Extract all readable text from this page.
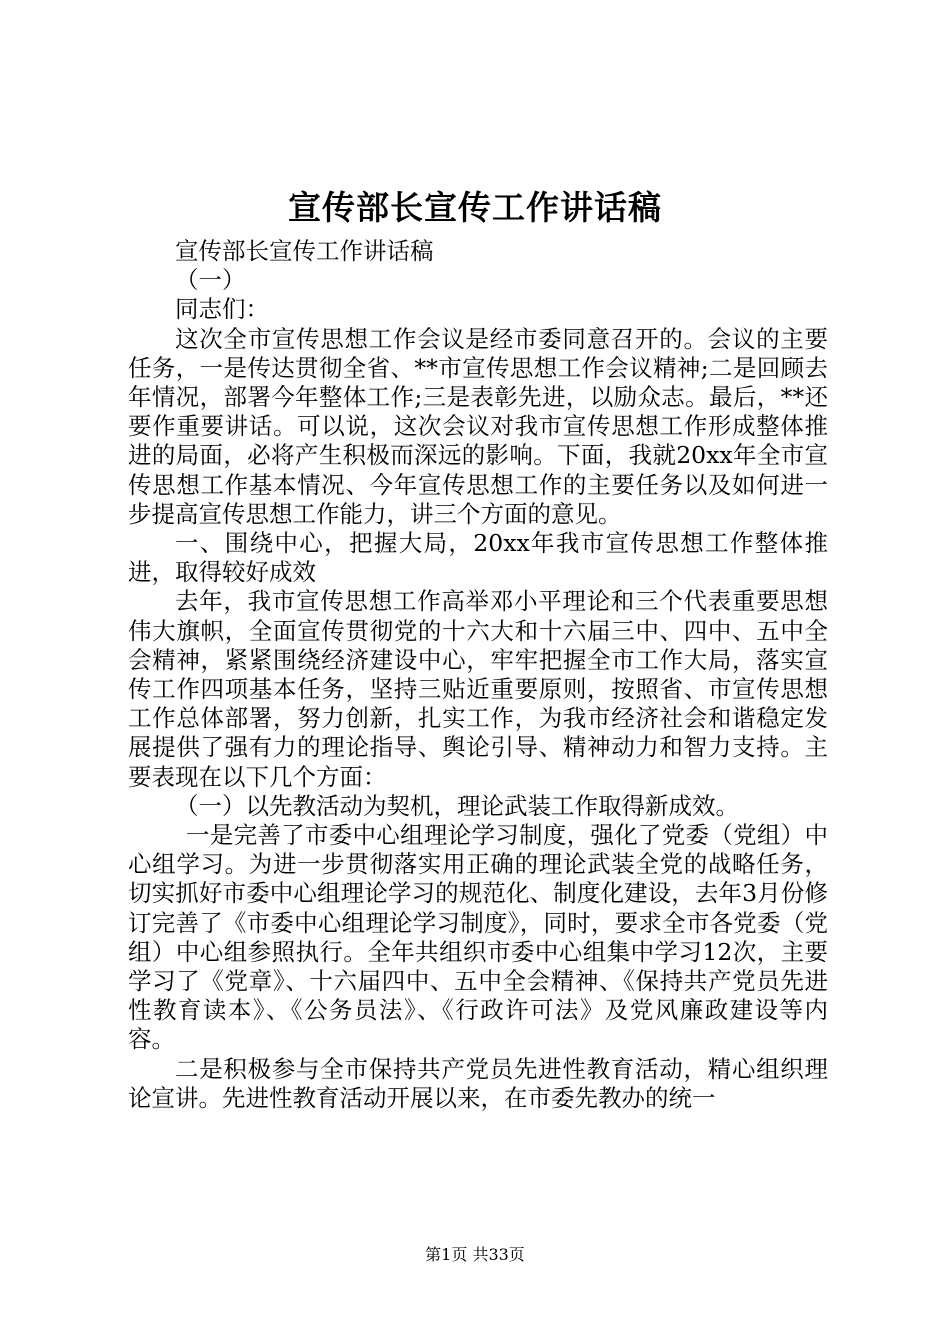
宣传部长宣传工作讲话稿

宣传部长宣传工作讲话稿

（一）

同志们：

这次全市宣传思想工作会议是经市委同意召开的。会议的主要任务，一是传达贯彻全省、**市宣传思想工作会议精神;二是回顾去年情况，部署今年整体工作;三是表彰先进，以励众志。最后，**还要作重要讲话。可以说，这次会议对我市宣传思想工作形成整体推进的局面，必将产生积极而深远的影响。下面，我就20xx年全市宣传思想工作基本情况、今年宣传思想工作的主要任务以及如何进一步提高宣传思想工作能力，讲三个方面的意见。

一、围绕中心，把握大局，20xx年我市宣传思想工作整体推进，取得较好成效

去年，我市宣传思想工作高举邓小平理论和三个代表重要思想伟大旗帜，全面宣传贯彻党的十六大和十六届三中、四中、五中全会精神，紧紧围绕经济建设中心，牢牢把握全市工作大局，落实宣传工作四项基本任务，坚持三贴近重要原则，按照省、市宣传思想工作总体部署，努力创新，扎实工作，为我市经济社会和谐稳定发展提供了强有力的理论指导、舆论引导、精神动力和智力支持。主要表现在以下几个方面：

（一）以先教活动为契机，理论武装工作取得新成效。

一是完善了市委中心组理论学习制度，强化了党委（党组）中心组学习。为进一步贯彻落实用正确的理论武装全党的战略任务，切实抓好市委中心组理论学习的规范化、制度化建设，去年3月份修订完善了《市委中心组理论学习制度》，同时，要求全市各党委（党组）中心组参照执行。全年共组织市委中心组集中学习12次，主要学习了《党章》、十六届四中、五中全会精神、《保持共产党员先进性教育读本》、《公务员法》、《行政许可法》及党风廉政建设等内容。

二是积极参与全市保持共产党员先进性教育活动，精心组织理论宣讲。先进性教育活动开展以来，在市委先教办的统一

第1页 共33页
